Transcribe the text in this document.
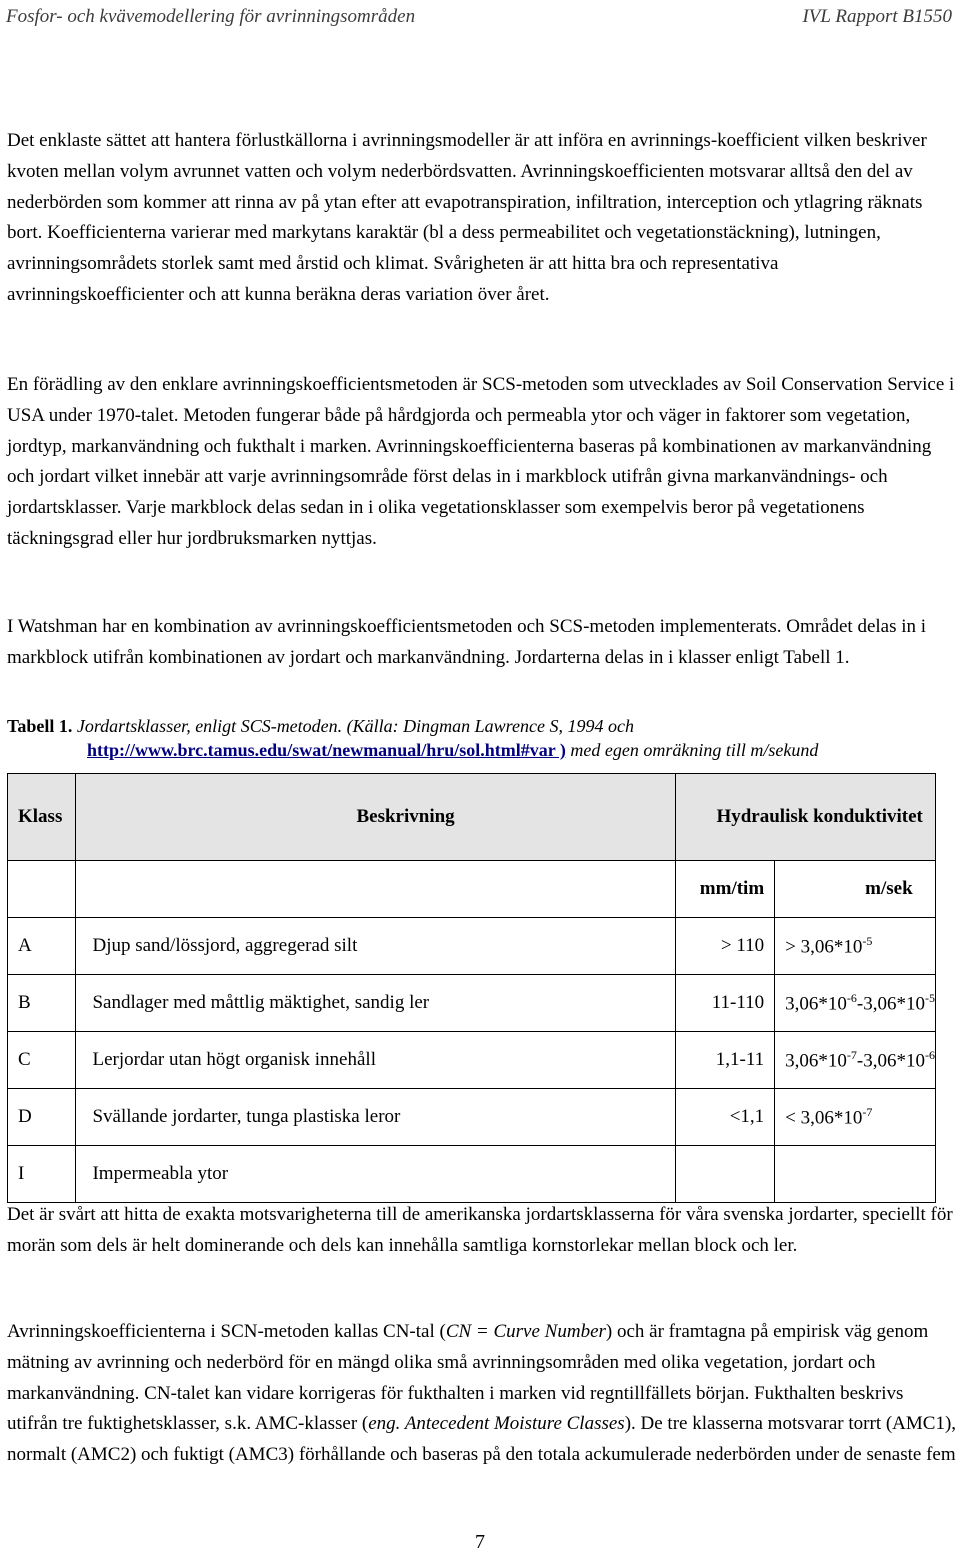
Fosfor- och kvävemodellering för avrinningsområden	IVL Rapport B1550

Det enklaste sättet att hantera förlustkällorna i avrinningsmodeller är att införa en avrinnings-koefficient vilken beskriver kvoten mellan volym avrunnet vatten och volym nederbördsvatten. Avrinningskoefficienten motsvarar alltså den del av nederbörden som kommer att rinna av på ytan efter att evapotranspiration, infiltration, interception och ytlagring räknats bort. Koefficienterna varierar med markytans karaktär (bl a dess permeabilitet och vegetationstäckning), lutningen, avrinningsområdets storlek samt med årstid och klimat. Svårigheten är att hitta bra och representativa avrinningskoefficienter och att kunna beräkna deras variation över året.

En förädling av den enklare avrinningskoefficientsmetoden är SCS-metoden som utvecklades av Soil Conservation Service i USA under 1970-talet. Metoden fungerar både på hårdgjorda och permeabla ytor och väger in faktorer som vegetation, jordtyp, markanvändning och fukthalt i marken. Avrinningskoefficienterna baseras på kombinationen av markanvändning och jordart vilket innebär att varje avrinningsområde först delas in i markblock utifrån givna markanvändnings- och jordartsklasser. Varje markblock delas sedan in i olika vegetationsklasser som exempelvis beror på vegetationens täckningsgrad eller hur jordbruksmarken nyttjas.

I Watshman har en kombination av avrinningskoefficientsmetoden och SCS-metoden implementerats. Området delas in i markblock utifrån kombinationen av jordart och markanvändning. Jordarterna delas in i klasser enligt Tabell 1.

Tabell 1. Jordartsklasser, enligt SCS-metoden. (Källa: Dingman Lawrence S, 1994 och
http://www.brc.tamus.edu/swat/newmanual/hru/sol.html#var ) med egen omräkning till m/sekund
Klass	Beskrivning	Hydraulisk konduktivitet	
		mm/tim	m/sek
A	Djup sand/lössjord, aggregerad silt	> 110	> $3,06*10^{-5}$
B	Sandlager med måttlig mäktighet, sandig ler	11-110	$3,06*10^{-6}-3,06*10^{-5}$
C	Lerjordar utan högt organisk innehåll	1,1-11	$3,06*10^{-7}-3,06*10^{-6}$
D	Svällande jordarter, tunga plastiska leror	<1,1	< $3,06*10^{-7}$
I	Impermeabla ytor		

Det är svårt att hitta de exakta motsvarigheterna till de amerikanska jordartsklasserna för våra svenska jordarter, speciellt för morän som dels är helt dominerande och dels kan innehålla samtliga kornstorlekar mellan block och ler.

Avrinningskoefficienterna i SCN-metoden kallas CN-tal (CN = Curve Number) och är framtagna på empirisk väg genom mätning av avrinning och nederbörd för en mängd olika små avrinningsområden med olika vegetation, jordart och markanvändning. CN-talet kan vidare korrigeras för fukthalten i marken vid regntillfällets början. Fukthalten beskrivs utifrån tre fuktighetsklasser, s.k. AMC-klasser (eng. Antecedent Moisture Classes). De tre klasserna motsvarar torrt (AMC1), normalt (AMC2) och fuktigt (AMC3) förhållande och baseras på den totala ackumulerade nederbörden under de senaste fem

7
